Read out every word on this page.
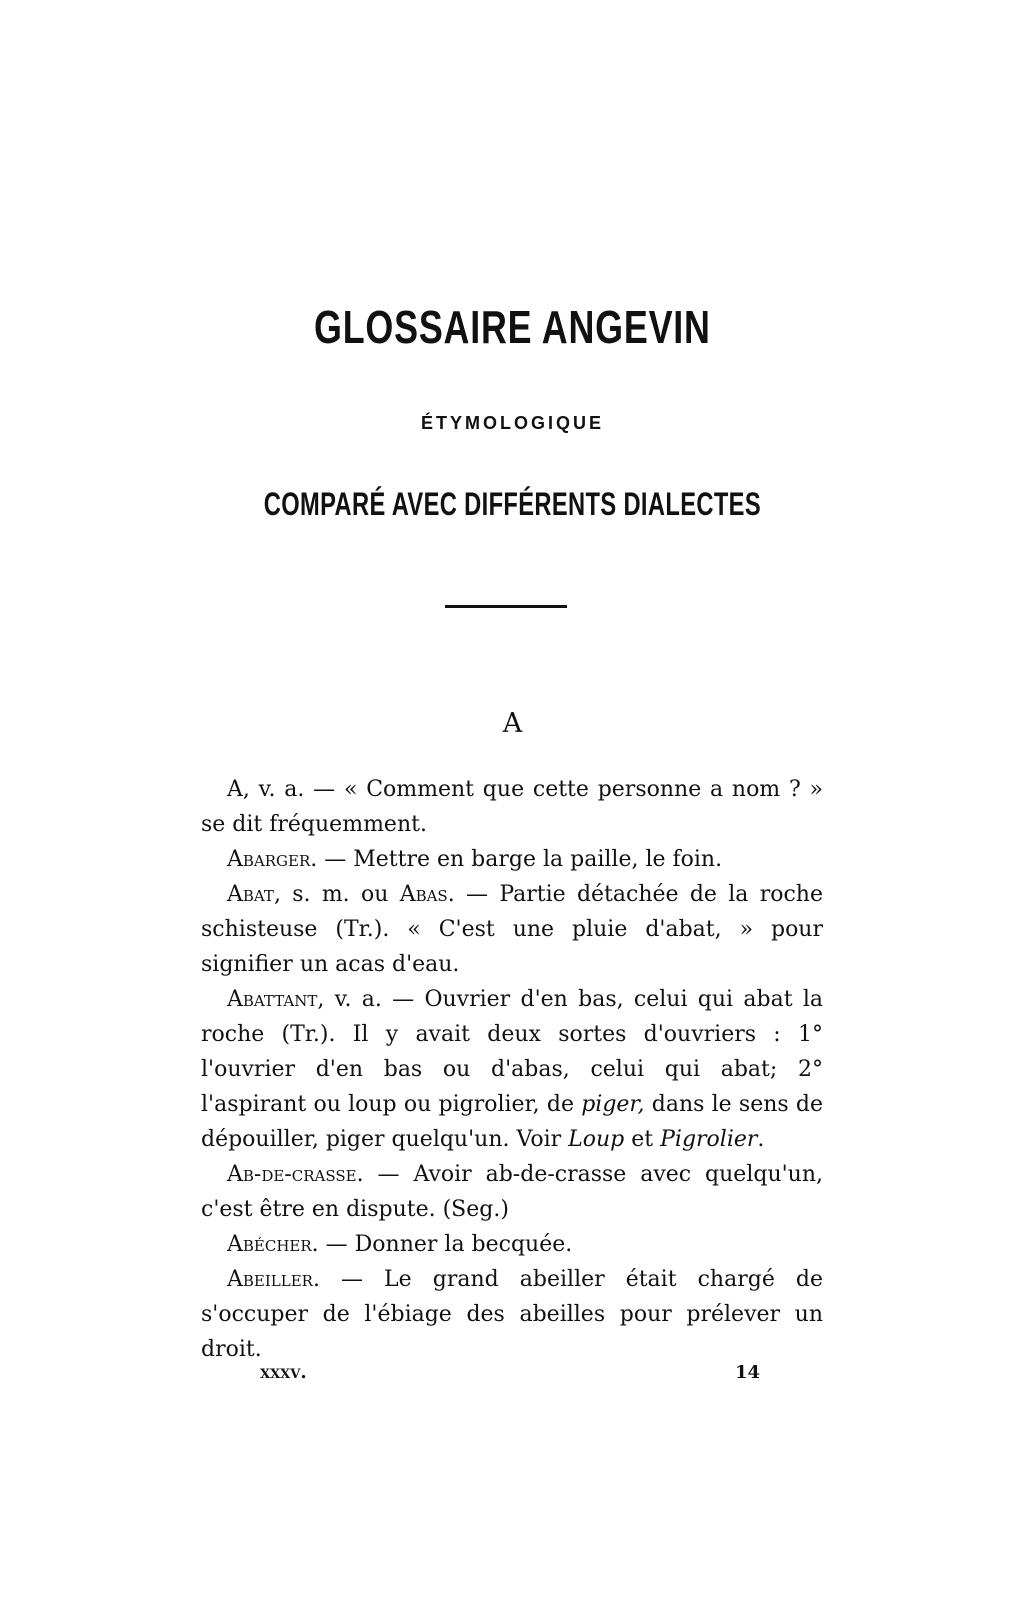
GLOSSAIRE ANGEVIN
ÉTYMOLOGIQUE
COMPARÉ AVEC DIFFÉRENTS DIALECTES
A

A, v. a. — « Comment que cette personne a nom ? » se dit fréquemment.

Abarger. — Mettre en barge la paille, le foin.

Abat, s. m. ou Abas. — Partie détachée de la roche schisteuse (Tr.). « C'est une pluie d'abat, » pour signifier un acas d'eau.

Abattant, v. a. — Ouvrier d'en bas, celui qui abat la roche (Tr.). Il y avait deux sortes d'ouvriers : 1° l'ouvrier d'en bas ou d'abas, celui qui abat; 2° l'aspirant ou loup ou pigrolier, de piger, dans le sens de dépouiller, piger quelqu'un. Voir Loup et Pigrolier.

Ab-de-crasse. — Avoir ab-de-crasse avec quelqu'un, c'est être en dispute. (Seg.)

Abécher. — Donner la becquée.

Abeiller. — Le grand abeiller était chargé de s'occuper de l'ébiage des abeilles pour prélever un droit.

xxxv.	14
